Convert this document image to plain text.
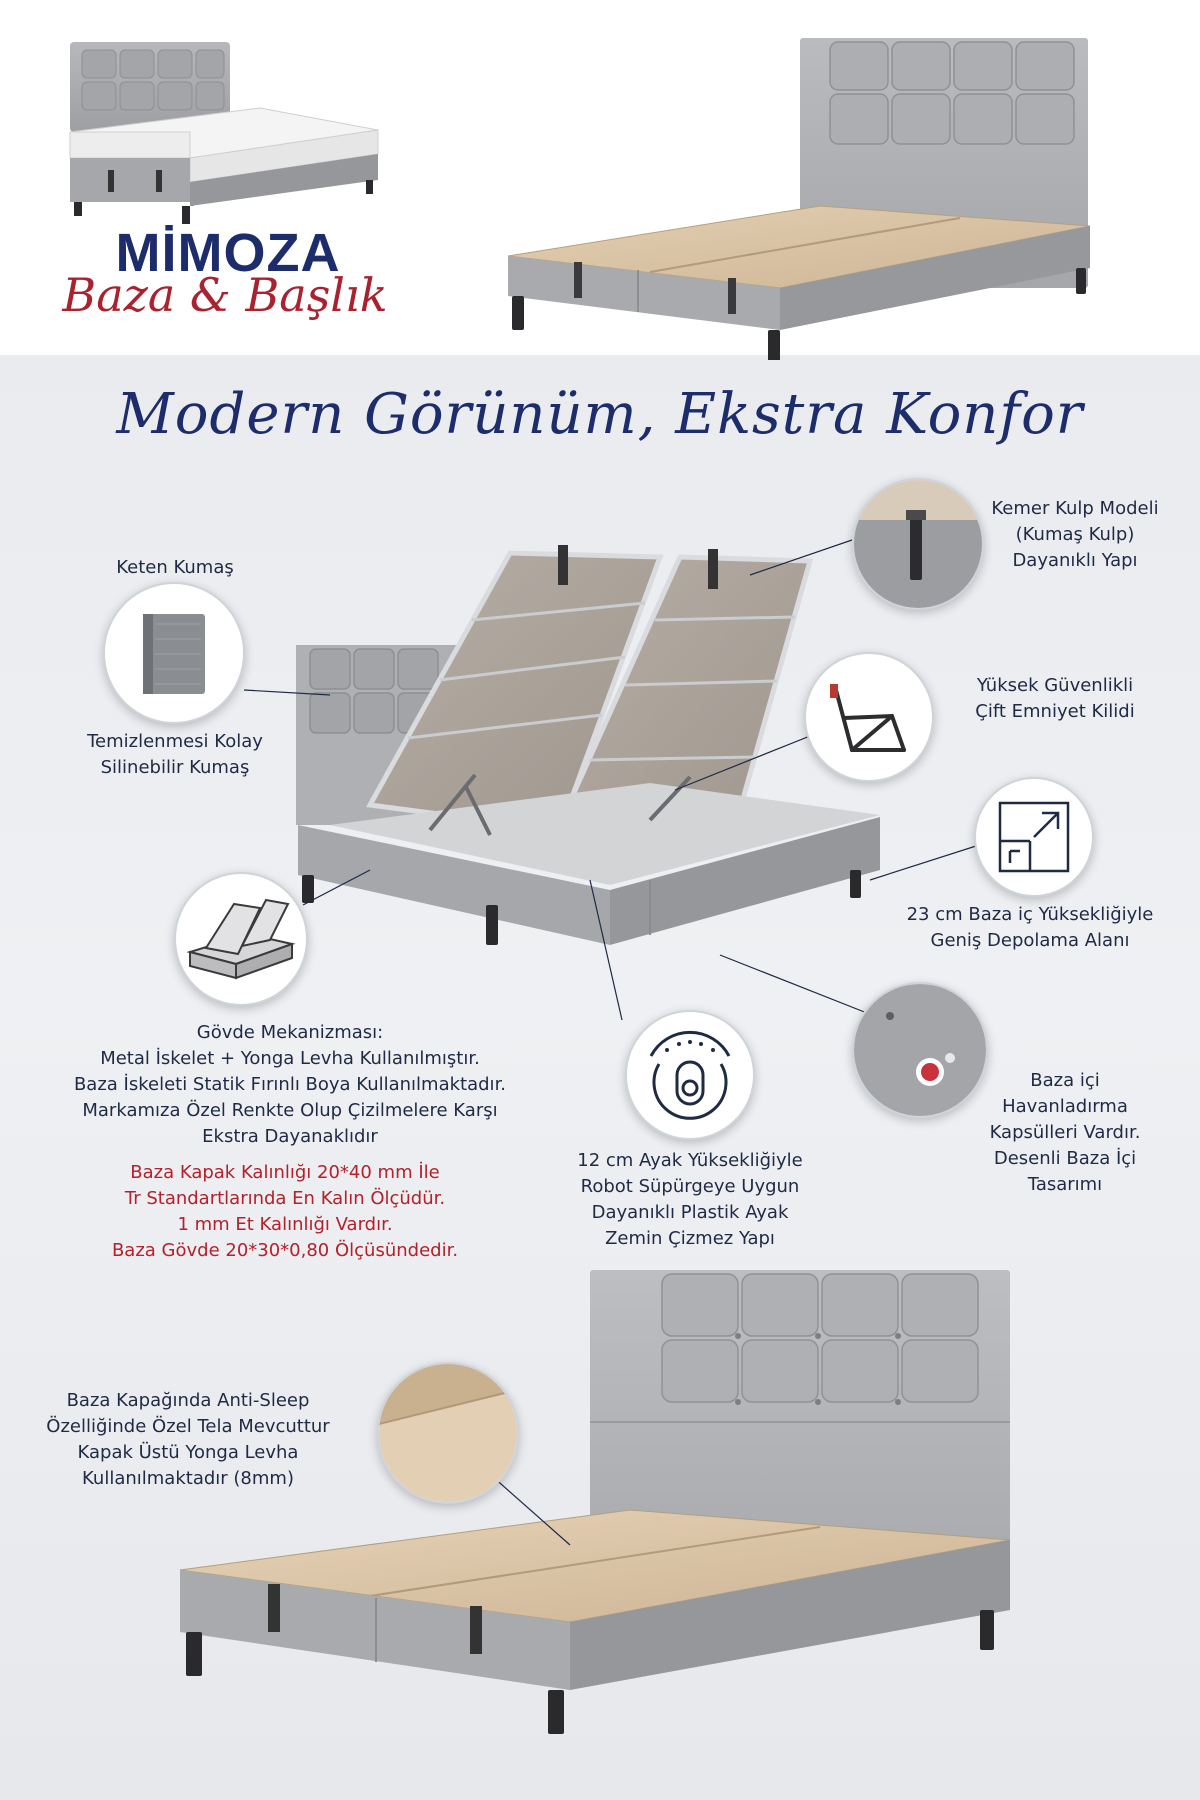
MİMOZA
Baza & Başlık
Modern Görünüm, Ekstra Konfor
Kemer Kulp Modeli
(Kumaş Kulp)
Dayanıklı Yapı
Keten Kumaş
Temizlenmesi Kolay
Silinebilir Kumaş
Yüksek Güvenlikli
Çift Emniyet Kilidi
23 cm Baza iç Yüksekliğiyle
Geniş Depolama Alanı
Gövde Mekanizması:
Metal İskelet + Yonga Levha Kullanılmıştır.
Baza İskeleti Statik Fırınlı Boya Kullanılmaktadır.
Markamıza Özel Renkte Olup Çizilmelere Karşı
Ekstra Dayanaklıdır
Baza Kapak Kalınlığı 20*40 mm İle
Tr Standartlarında En Kalın Ölçüdür.
1 mm Et Kalınlığı Vardır.
Baza Gövde 20*30*0,80 Ölçüsündedir.
Baza içi
Havanladırma
Kapsülleri Vardır.
Desenli Baza İçi
Tasarımı
12 cm Ayak Yüksekliğiyle
Robot Süpürgeye Uygun
Dayanıklı Plastik Ayak
Zemin Çizmez Yapı
Baza Kapağında Anti-Sleep
Özelliğinde Özel Tela Mevcuttur
Kapak Üstü Yonga Levha
Kullanılmaktadır (8mm)
